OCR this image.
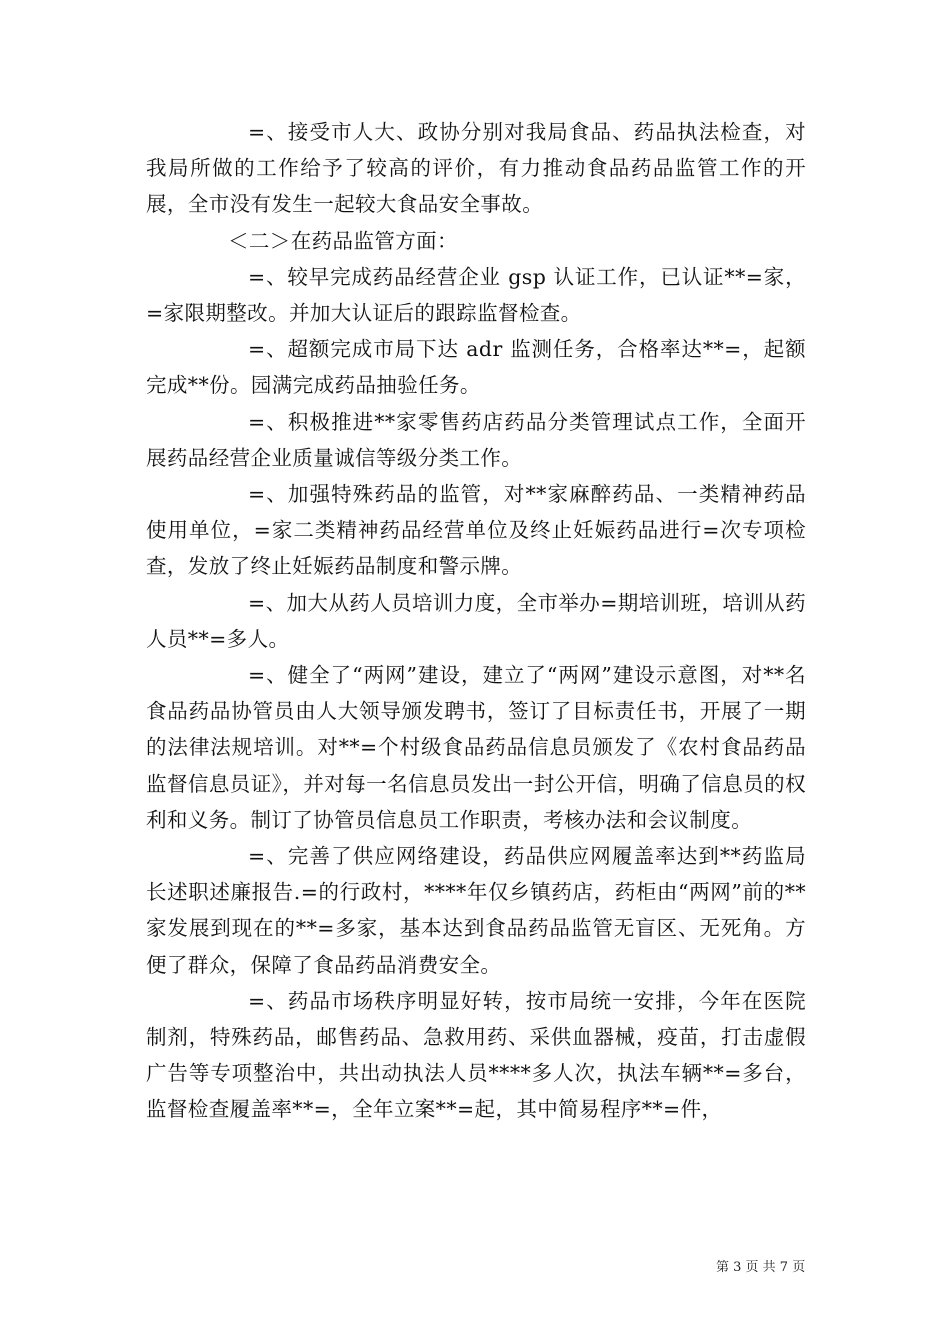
=、接受市人大、政协分别对我局食品、药品执法检查，对我局所做的工作给予了较高的评价，有力推动食品药品监管工作的开展，全市没有发生一起较大食品安全事故。

＜二＞在药品监管方面：

=、较早完成药品经营企业 gsp 认证工作，已认证**=家，=家限期整改。并加大认证后的跟踪监督检查。

=、超额完成市局下达 adr 监测任务，合格率达**=，起额完成**份。园满完成药品抽验任务。

=、积极推进**家零售药店药品分类管理试点工作，全面开展药品经营企业质量诚信等级分类工作。

=、加强特殊药品的监管，对**家麻醉药品、一类精神药品使用单位，=家二类精神药品经营单位及终止妊娠药品进行=次专项检查，发放了终止妊娠药品制度和警示牌。

=、加大从药人员培训力度，全市举办=期培训班，培训从药人员**=多人。

=、健全了“两网”建设，建立了“两网”建设示意图，对**名食品药品协管员由人大领导颁发聘书，签订了目标责任书，开展了一期的法律法规培训。对**=个村级食品药品信息员颁发了《农村食品药品监督信息员证》，并对每一名信息员发出一封公开信，明确了信息员的权利和义务。制订了协管员信息员工作职责，考核办法和会议制度。

=、完善了供应网络建设，药品供应网履盖率达到**药监局长述职述廉报告.=的行政村，****年仅乡镇药店，药柜由“两网”前的**家发展到现在的**=多家，基本达到食品药品监管无盲区、无死角。方便了群众，保障了食品药品消费安全。

=、药品市场秩序明显好转，按市局统一安排，今年在医院制剂，特殊药品，邮售药品、急救用药、采供血器械，疫苗，打击虚假广告等专项整治中，共出动执法人员****多人次，执法车辆**=多台，监督检查履盖率**=，全年立案**=起，其中简易程序**=件，

第 3 页 共 7 页
